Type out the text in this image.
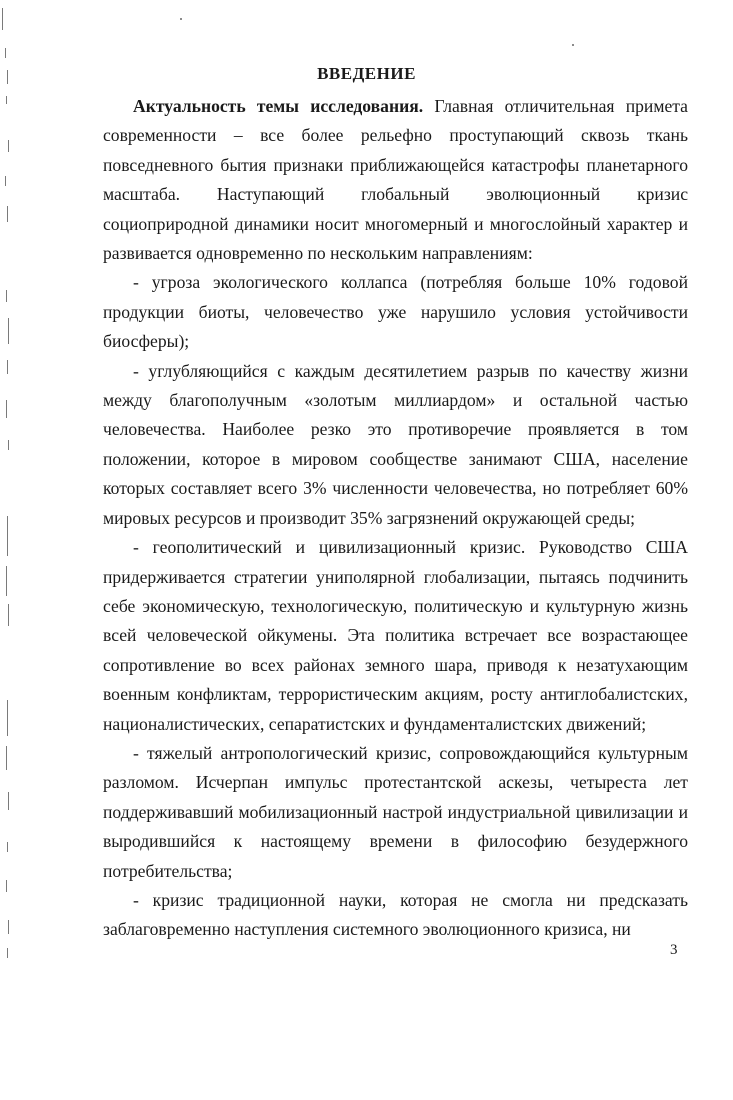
ВВЕДЕНИЕ

Актуальность темы исследования. Главная отличительная примета современности – все более рельефно проступающий сквозь ткань повседневного бытия признаки приближающейся катастрофы планетарного масштаба. Наступающий глобальный эволюционный кризис социоприродной динамики носит многомерный и многослойный характер и развивается одновременно по нескольким направлениям:

- угроза экологического коллапса (потребляя больше 10% годовой продукции биоты, человечество уже нарушило условия устойчивости биосферы);

- углубляющийся с каждым десятилетием разрыв по качеству жизни между благополучным «золотым миллиардом» и остальной частью человечества. Наиболее резко это противоречие проявляется в том положении, которое в мировом сообществе занимают США, население которых составляет всего 3% численности человечества, но потребляет 60% мировых ресурсов и производит 35% загрязнений окружающей среды;

- геополитический и цивилизационный кризис. Руководство США придерживается стратегии униполярной глобализации, пытаясь подчинить себе экономическую, технологическую, политическую и культурную жизнь всей человеческой ойкумены. Эта политика встречает все возрастающее сопротивление во всех районах земного шара, приводя к незатухающим военным конфликтам, террористическим акциям, росту антиглобалистских, националистических, сепаратистских и фундаменталистских движений;

- тяжелый антропологический кризис, сопровождающийся культурным разломом. Исчерпан импульс протестантской аскезы, четыреста лет поддерживавший мобилизационный настрой индустриальной цивилизации и выродившийся к настоящему времени в философию безудержного потребительства;

- кризис традиционной науки, которая не смогла ни предсказать заблаговременно наступления системного эволюционного кризиса, ни

3
